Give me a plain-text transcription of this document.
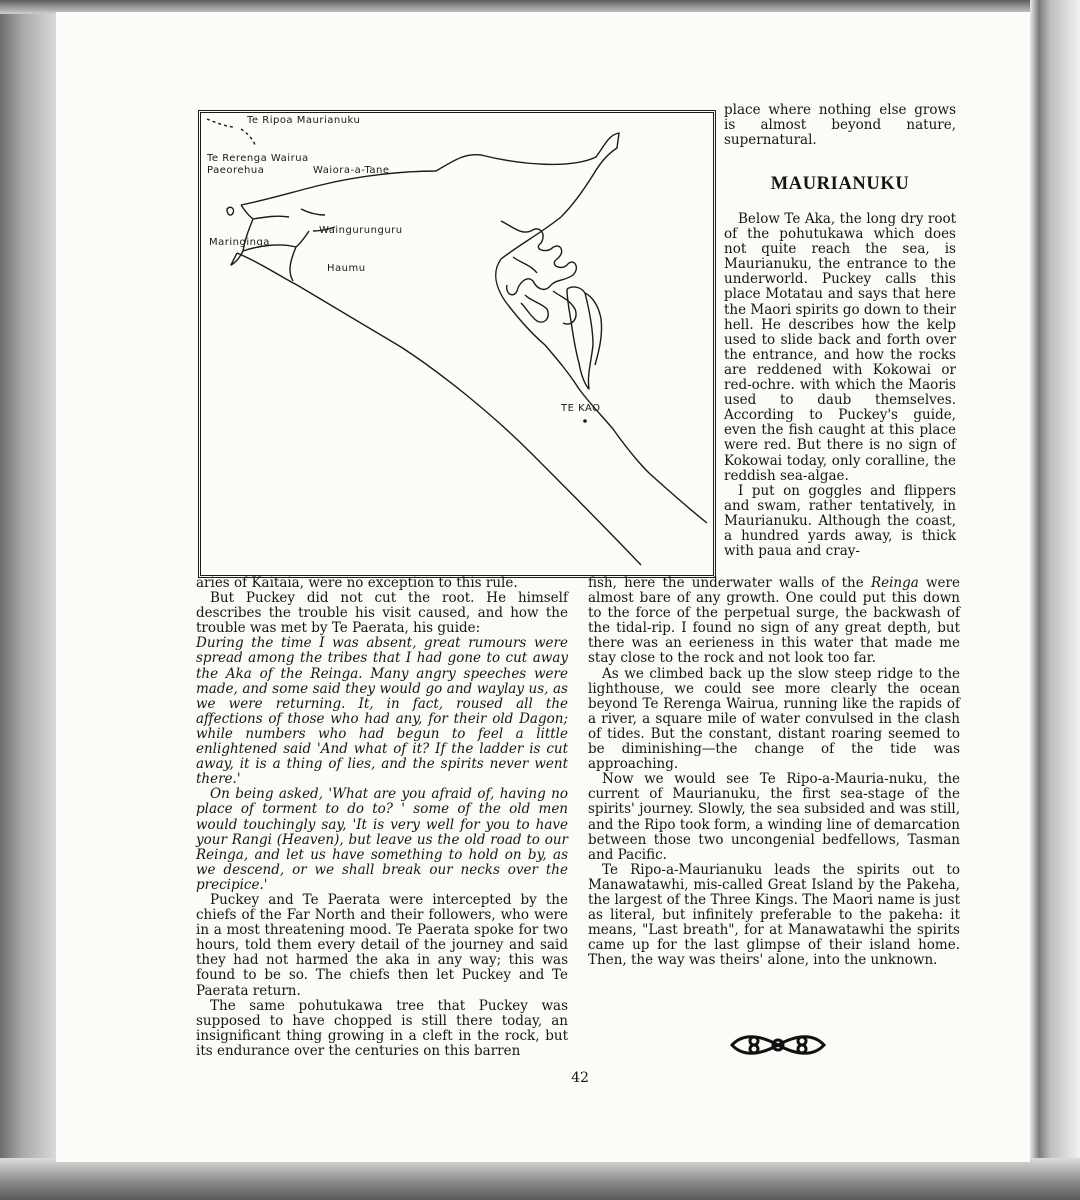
Te Ripoa Maurianuku
Te Rerenga Wairua
Paeorehua	Waiora-a-Tane
Waingurunguru
Maringinga
Haumu
TE KAO

place where nothing else grows is almost beyond nature, supernatural.

MAURIANUKU

Below Te Aka, the long dry root of the pohutukawa which does not quite reach the sea, is Maurianuku, the entrance to the underworld. Puckey calls this place Motatau and says that here the Maori spirits go down to their hell. He describes how the kelp used to slide back and forth over the entrance, and how the rocks are reddened with Kokowai or red-ochre. with which the Maoris used to daub themselves. According to Puckey's guide, even the fish caught at this place were red. But there is no sign of Kokowai today, only coralline, the reddish sea-algae.

I put on goggles and flippers and swam, rather tentatively, in Maurianuku. Although the coast, a hundred yards away, is thick with paua and cray-

aries of Kaitaia, were no exception to this rule.

But Puckey did not cut the root. He himself describes the trouble his visit caused, and how the trouble was met by Te Paerata, his guide:

During the time I was absent, great rumours were spread among the tribes that I had gone to cut away the Aka of the Reinga. Many angry speeches were made, and some said they would go and waylay us, as we were returning. It, in fact, roused all the affections of those who had any, for their old Dagon; while numbers who had begun to feel a little enlightened said 'And what of it? If the ladder is cut away, it is a thing of lies, and the spirits never went there.'

On being asked, 'What are you afraid of, having no place of torment to do to? ' some of the old men would touchingly say, 'It is very well for you to have your Rangi (Heaven), but leave us the old road to our Reinga, and let us have something to hold on by, as we descend, or we shall break our necks over the precipice.'

Puckey and Te Paerata were intercepted by the chiefs of the Far North and their followers, who were in a most threatening mood. Te Paerata spoke for two hours, told them every detail of the journey and said they had not harmed the aka in any way; this was found to be so. The chiefs then let Puckey and Te Paerata return.

The same pohutukawa tree that Puckey was supposed to have chopped is still there today, an insignificant thing growing in a cleft in the rock, but its endurance over the centuries on this barren

fish, here the underwater walls of the Reinga were almost bare of any growth. One could put this down to the force of the perpetual surge, the backwash of the tidal-rip. I found no sign of any great depth, but there was an eerieness in this water that made me stay close to the rock and not look too far.

As we climbed back up the slow steep ridge to the lighthouse, we could see more clearly the ocean beyond Te Rerenga Wairua, running like the rapids of a river, a square mile of water convulsed in the clash of tides. But the constant, distant roaring seemed to be diminishing—the change of the tide was approaching.

Now we would see Te Ripo-a-Mauria-nuku, the current of Maurianuku, the first sea-stage of the spirits' journey. Slowly, the sea subsided and was still, and the Ripo took form, a winding line of demarcation between those two uncongenial bedfellows, Tasman and Pacific.

Te Ripo-a-Maurianuku leads the spirits out to Manawatawhi, mis-called Great Island by the Pakeha, the largest of the Three Kings. The Maori name is just as literal, but infinitely preferable to the pakeha: it means, "Last breath", for at Manawatawhi the spirits came up for the last glimpse of their island home. Then, the way was theirs' alone, into the unknown.

42
